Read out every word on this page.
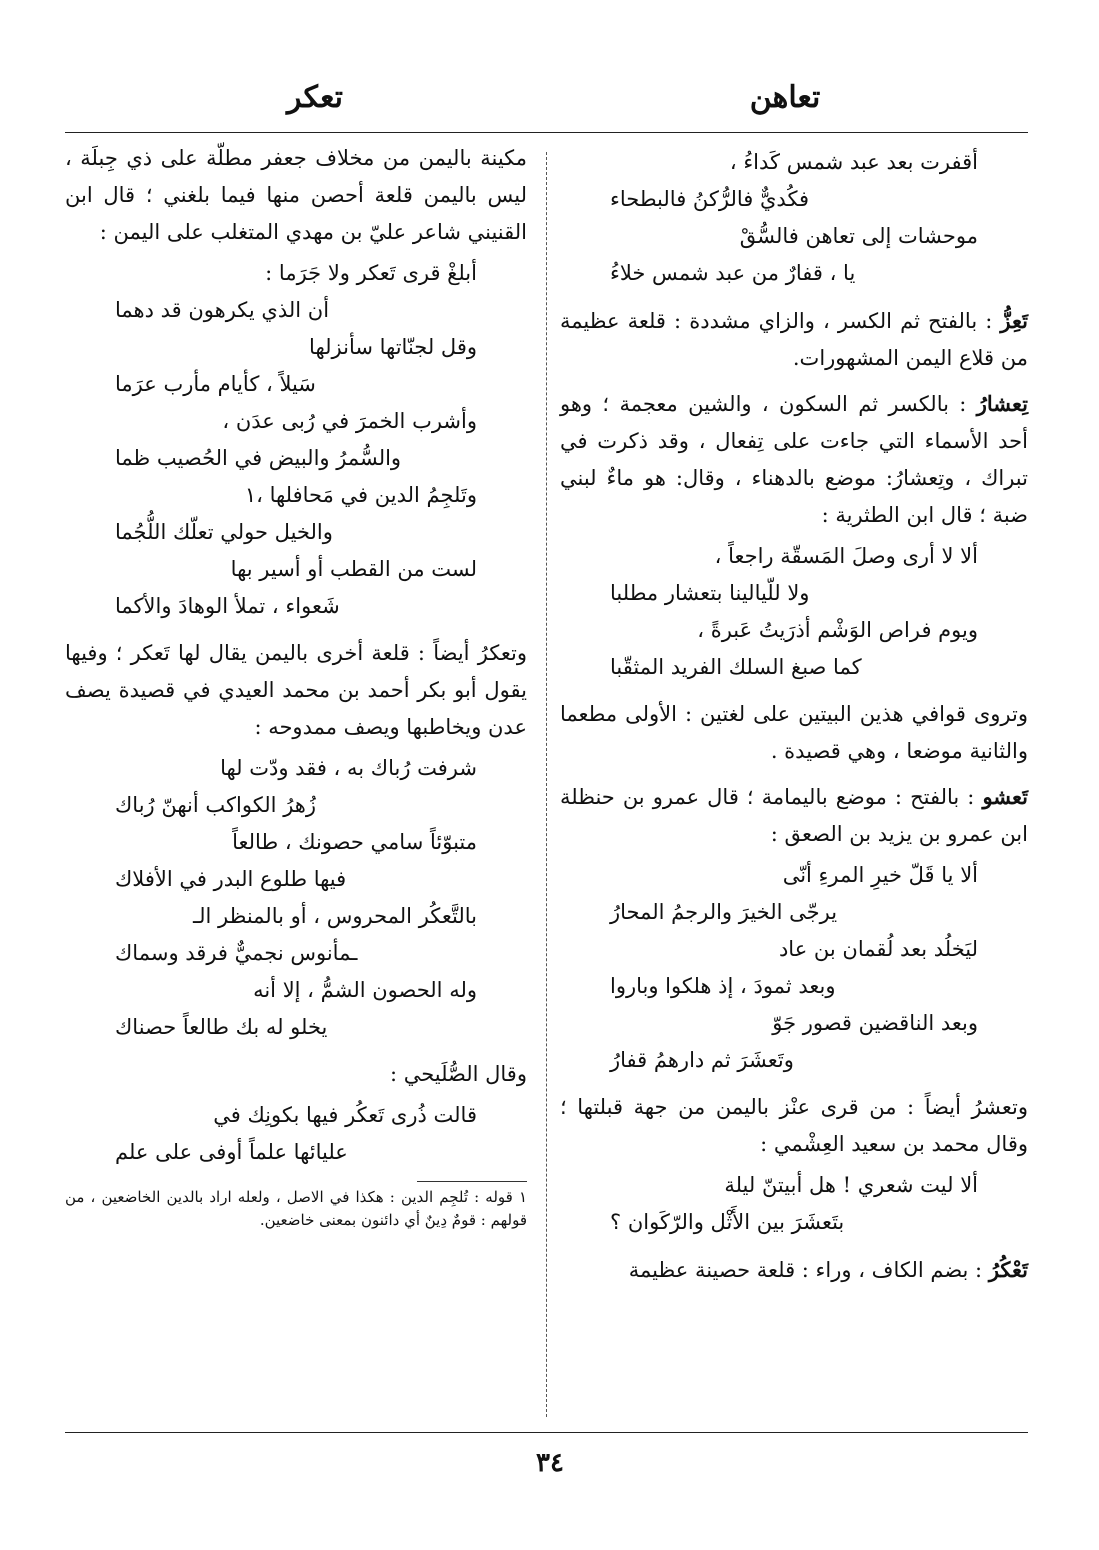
تعاهن
تعكر
أقفرت بعد عبد شمس كَداءُ ،
فكُديٌّ فالرُّكنُ فالبطحاء
موحشات إلى تعاهن فالسُّقْ
يا ، قفارٌ من عبد شمس خلاءُ

تَعِزُّ : بالفتح ثم الكسر ، والزاي مشددة : قلعة عظيمة من قلاع اليمن المشهورات.

تِعشارُ : بالكسر ثم السكون ، والشين معجمة ؛ وهو أحد الأسماء التي جاءت على تِفعال ، وقد ذكرت في تبراك ، وتِعشارُ: موضع بالدهناء ، وقال: هو ماءٌ لبني ضبة ؛ قال ابن الطثرية :

ألا لا أرى وصلَ المَسقّة راجعاً ،
ولا للّيالينا بتعشار مطلبا
ويوم فراص الوَشْم أذرَيتُ عَبرةً ،
كما صبغ السلك الفريد المثقّبا

وتروى قوافي هذين البيتين على لغتين : الأولى مطعما والثانية موضعا ، وهي قصيدة .

تَعشو : بالفتح : موضع باليمامة ؛ قال عمرو بن حنظلة ابن عمرو بن يزيد بن الصعق :

ألا يا قَلّ خيرِ المرءِ أنّى
يرجّى الخيرَ والرجمُ المحارُ
ليَخلُد بعد لُقمان بن عاد
وبعد ثمودَ ، إذ هلكوا وباروا
وبعد الناقضين قصور جَوّ
وتَعشَرَ ثم دارهمُ قفارُ

وتعشرُ أيضاً : من قرى عنْز باليمن من جهة قبلتها ؛ وقال محمد بن سعيد العِشْمي :

ألا ليت شعري ! هل أبيتنّ ليلة
بتَعشَرَ بين الأَثْل والرّكَوان ؟

تَعْكُرُ : بضم الكاف ، وراء : قلعة حصينة عظيمة

مكينة باليمن من مخلاف جعفر مطلّة على ذي جِبلَة ، ليس باليمن قلعة أحصن منها فيما بلغني ؛ قال ابن القنيني شاعر عليّ بن مهدي المتغلب على اليمن :

أبلغْ قرى تَعكر ولا جَرَما :
أن الذي يكرهون قد دهما
وقل لجنّاتها سأنزلها
سَيلاً ، كأيام مأرب عرَما
وأشرب الخمرَ في رُبى عدَن ،
والسُّمرُ والبيض في الحُصيب ظما
وتَلجِمُ الدين في مَحافلها ،١
والخيل حولي تعلّك اللُّجُما
لست من القطب أو أسير بها
شَعواء ، تملأ الوهادَ والأكما

وتعكرُ أيضاً : قلعة أخرى باليمن يقال لها تَعكر ؛ وفيها يقول أبو بكر أحمد بن محمد العيدي في قصيدة يصف عدن ويخاطبها ويصف ممدوحه :

شرفت رُباك به ، فقد ودّت لها
زُهرُ الكواكب أنهنّ رُباك
متبوّئاً سامي حصونك ، طالعاً
فيها طلوع البدر في الأفلاك
بالتَّعكُر المحروس ، أو بالمنظر الـ
ـمأنوس نجميٌّ فرقد وسماك
وله الحصون الشمُّ ، إلا أنه
يخلو له بك طالعاً حصناك

وقال الصُّلَيحي :

قالت ذُرى تَعكُر فيها بكونِك في
عليائها علماً أوفى على علم

١ قوله : تُلجِم الدين : هكذا في الاصل ، ولعله اراد بالدين الخاضعين ، من قولهم : قومٌ دِينٌ أي دائنون بمعنى خاضعين.

٣٤
